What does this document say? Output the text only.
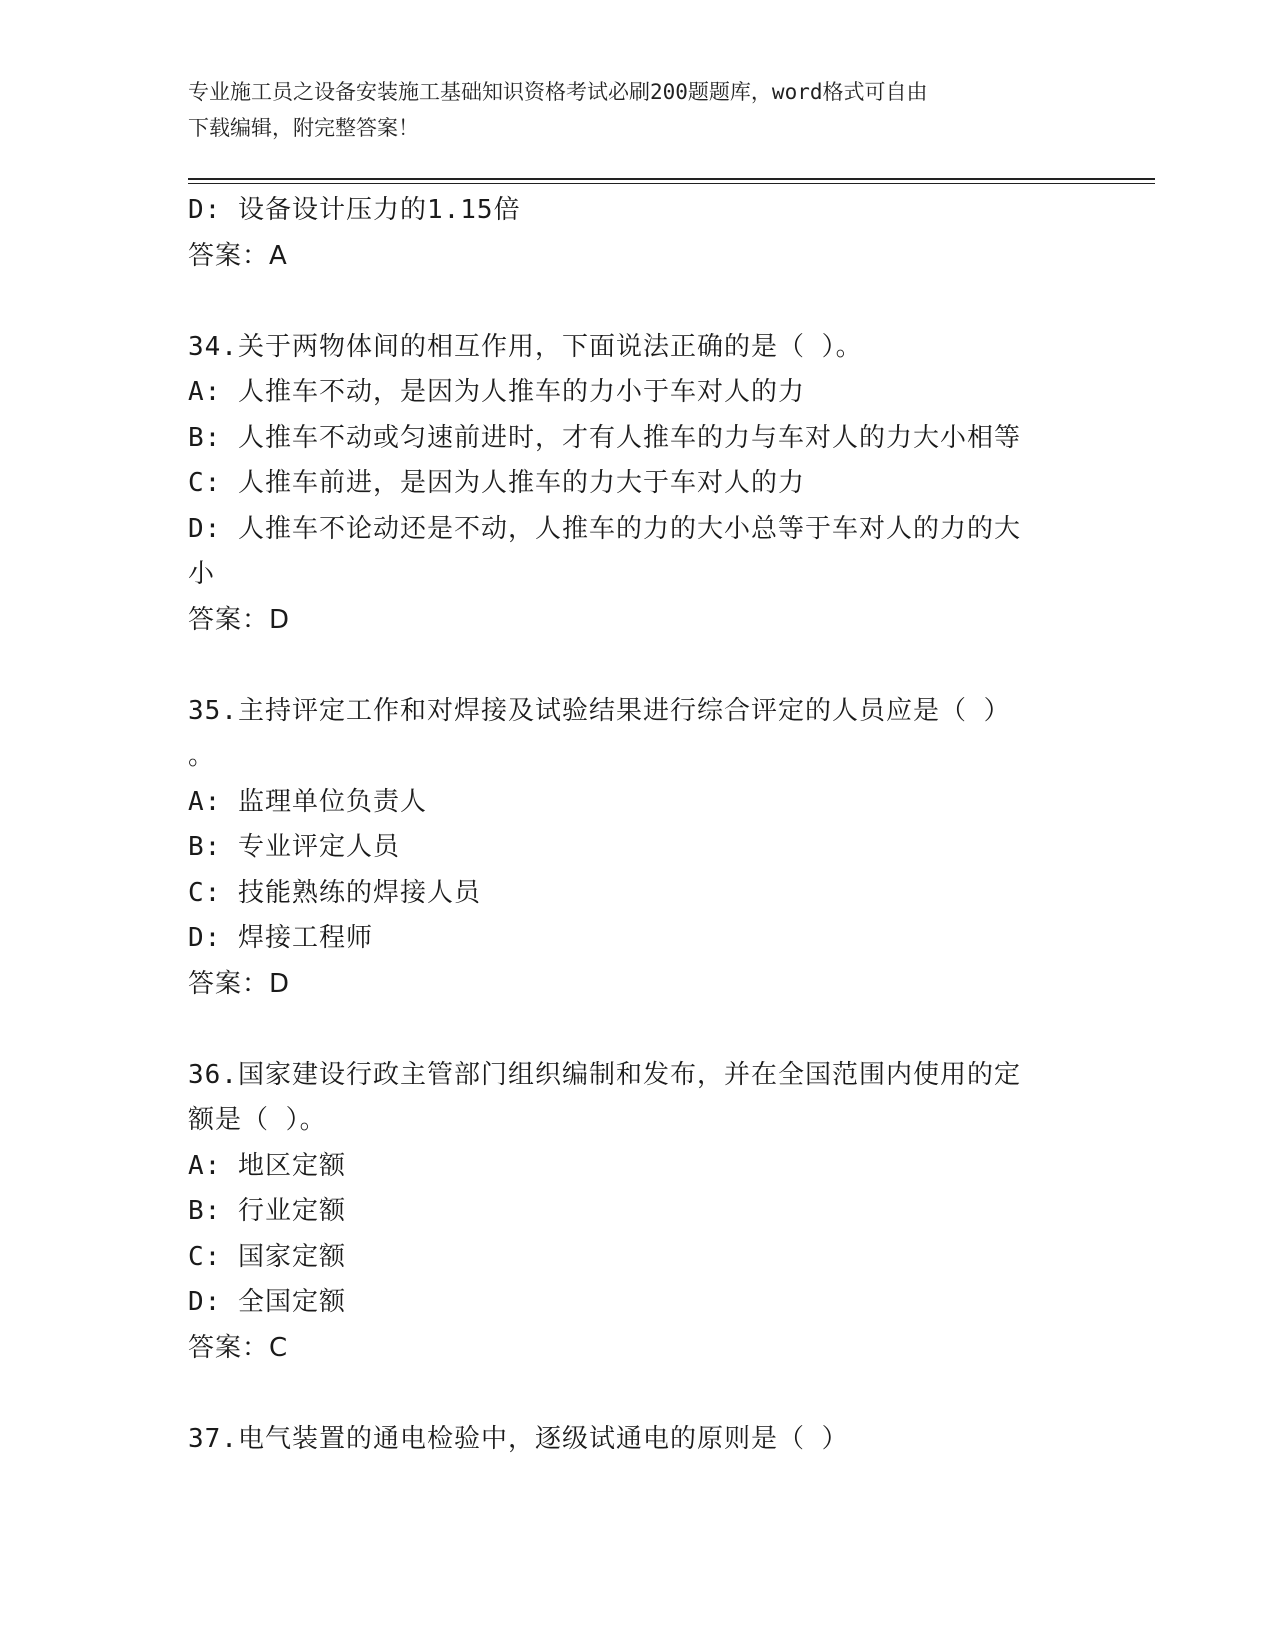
专业施工员之设备安装施工基础知识资格考试必刷200题题库，word格式可自由
下载编辑，附完整答案！

D: 设备设计压力的1.15倍

答案：A

34.关于两物体间的相互作用，下面说法正确的是（ ）。

A: 人推车不动，是因为人推车的力小于车对人的力

B: 人推车不动或匀速前进时，才有人推车的力与车对人的力大小相等

C: 人推车前进，是因为人推车的力大于车对人的力

D: 人推车不论动还是不动，人推车的力的大小总等于车对人的力的大

小

答案：D

35.主持评定工作和对焊接及试验结果进行综合评定的人员应是（ ）

。

A: 监理单位负责人

B: 专业评定人员

C: 技能熟练的焊接人员

D: 焊接工程师

答案：D

36.国家建设行政主管部门组织编制和发布，并在全国范围内使用的定

额是（ ）。

A: 地区定额

B: 行业定额

C: 国家定额

D: 全国定额

答案：C

37.电气装置的通电检验中，逐级试通电的原则是（ ）
